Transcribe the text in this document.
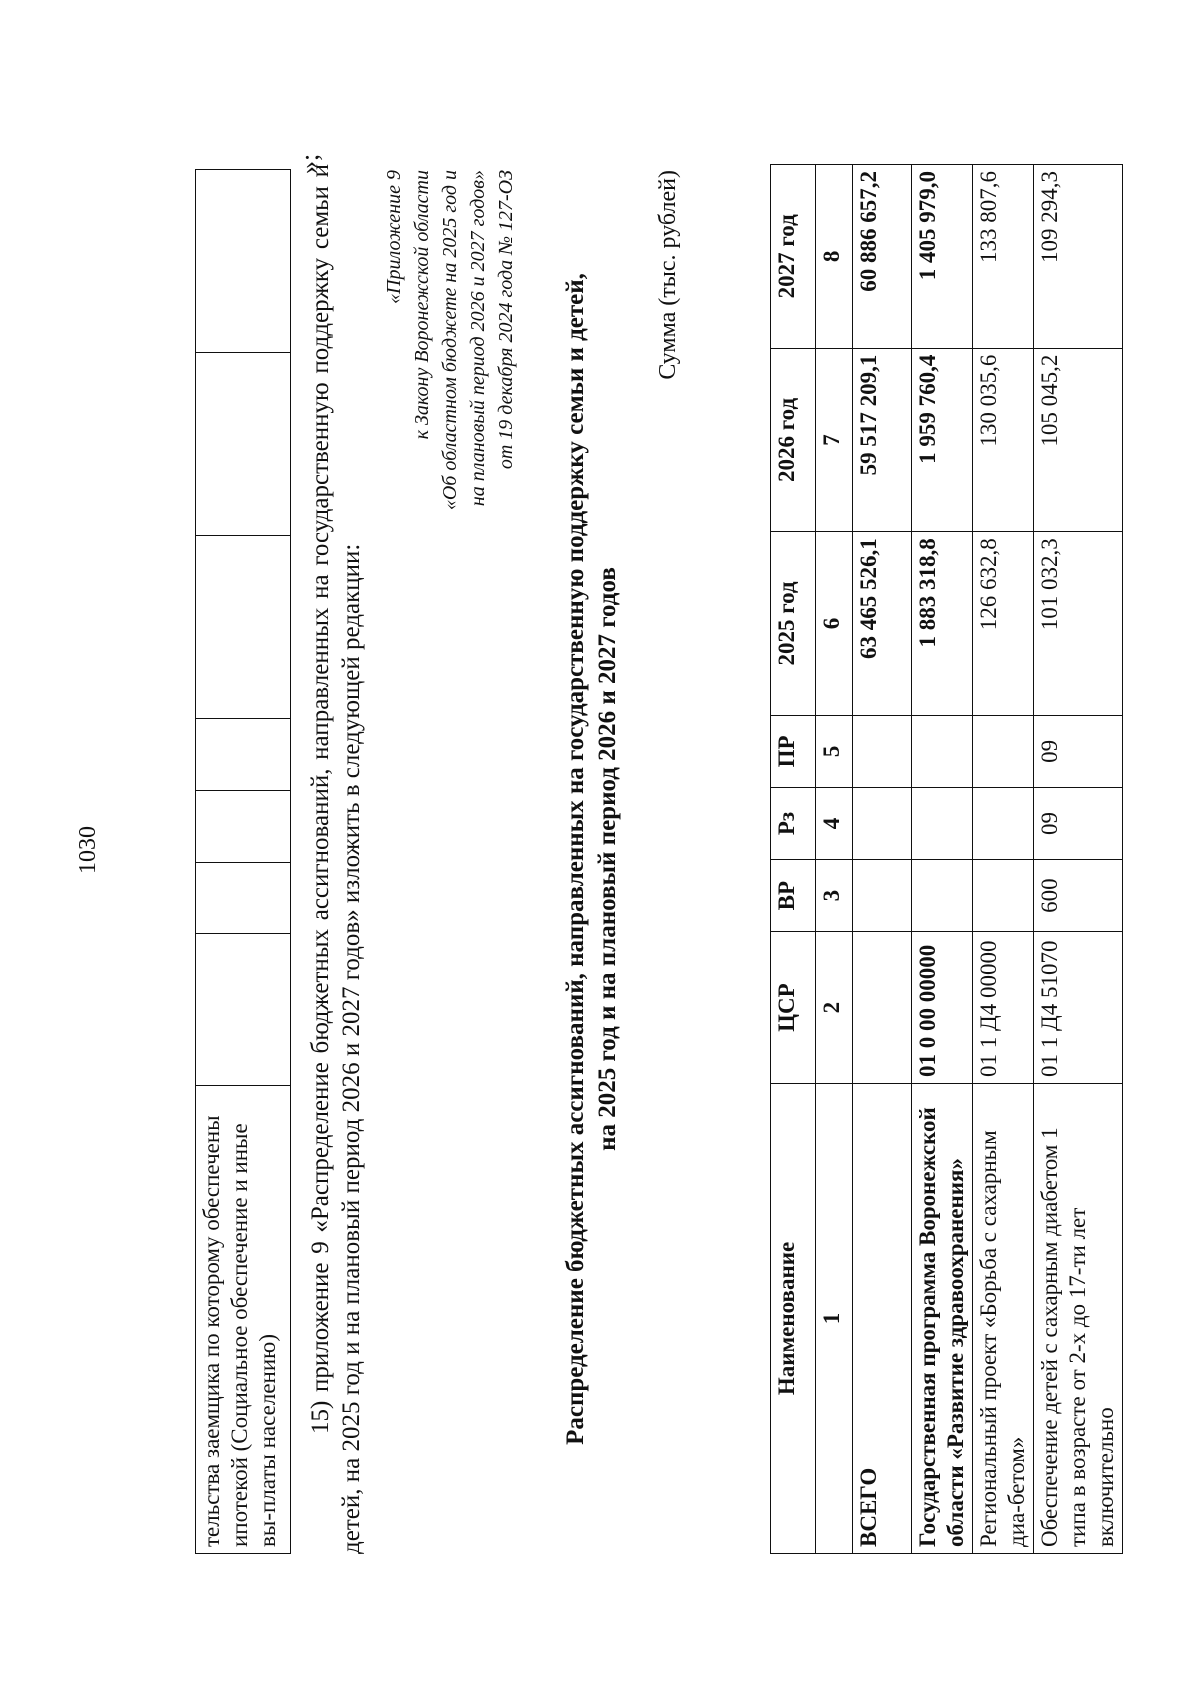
1030
тельства заемщика по которому обеспечены ипотекой (Социальное обеспечение и иные вы-платы населению)							
»;
15) приложение 9 «Распределение бюджетных ассигнований, направленных на государственную поддержку семьи и детей, на 2025 год и на плановый период 2026 и 2027 годов» изложить в следующей редакции:
«Приложение 9 к Закону Воронежской области «Об областном бюджете на 2025 год и на плановый период 2026 и 2027 годов» от 19 декабря 2024 года № 127-ОЗ Распределение бюджетных ассигнований, направленных на государственную поддержку семьи и детей, на 2025 год и на плановый период 2026 и 2027 годов
Сумма (тыс. рублей)
Наименование	ЦСР	ВР	Рз	ПР	2025 год	2026 год	2027 год
1	2	3	4	5	6	7	8
ВСЕГО					63 465 526,1	59 517 209,1	60 886 657,2
Государственная программа Воронежской области «Развитие здравоохранения»	01 0 00 00000				1 883 318,8	1 959 760,4	1 405 979,0
Региональный проект «Борьба с сахарным диа-бетом»	01 1 Д4 00000				126 632,8	130 035,6	133 807,6
Обеспечение детей с сахарным диабетом 1 типа в возрасте от 2-х до 17-ти лет включительно	01 1 Д4 51070	600	09	09	101 032,3	105 045,2	109 294,3
